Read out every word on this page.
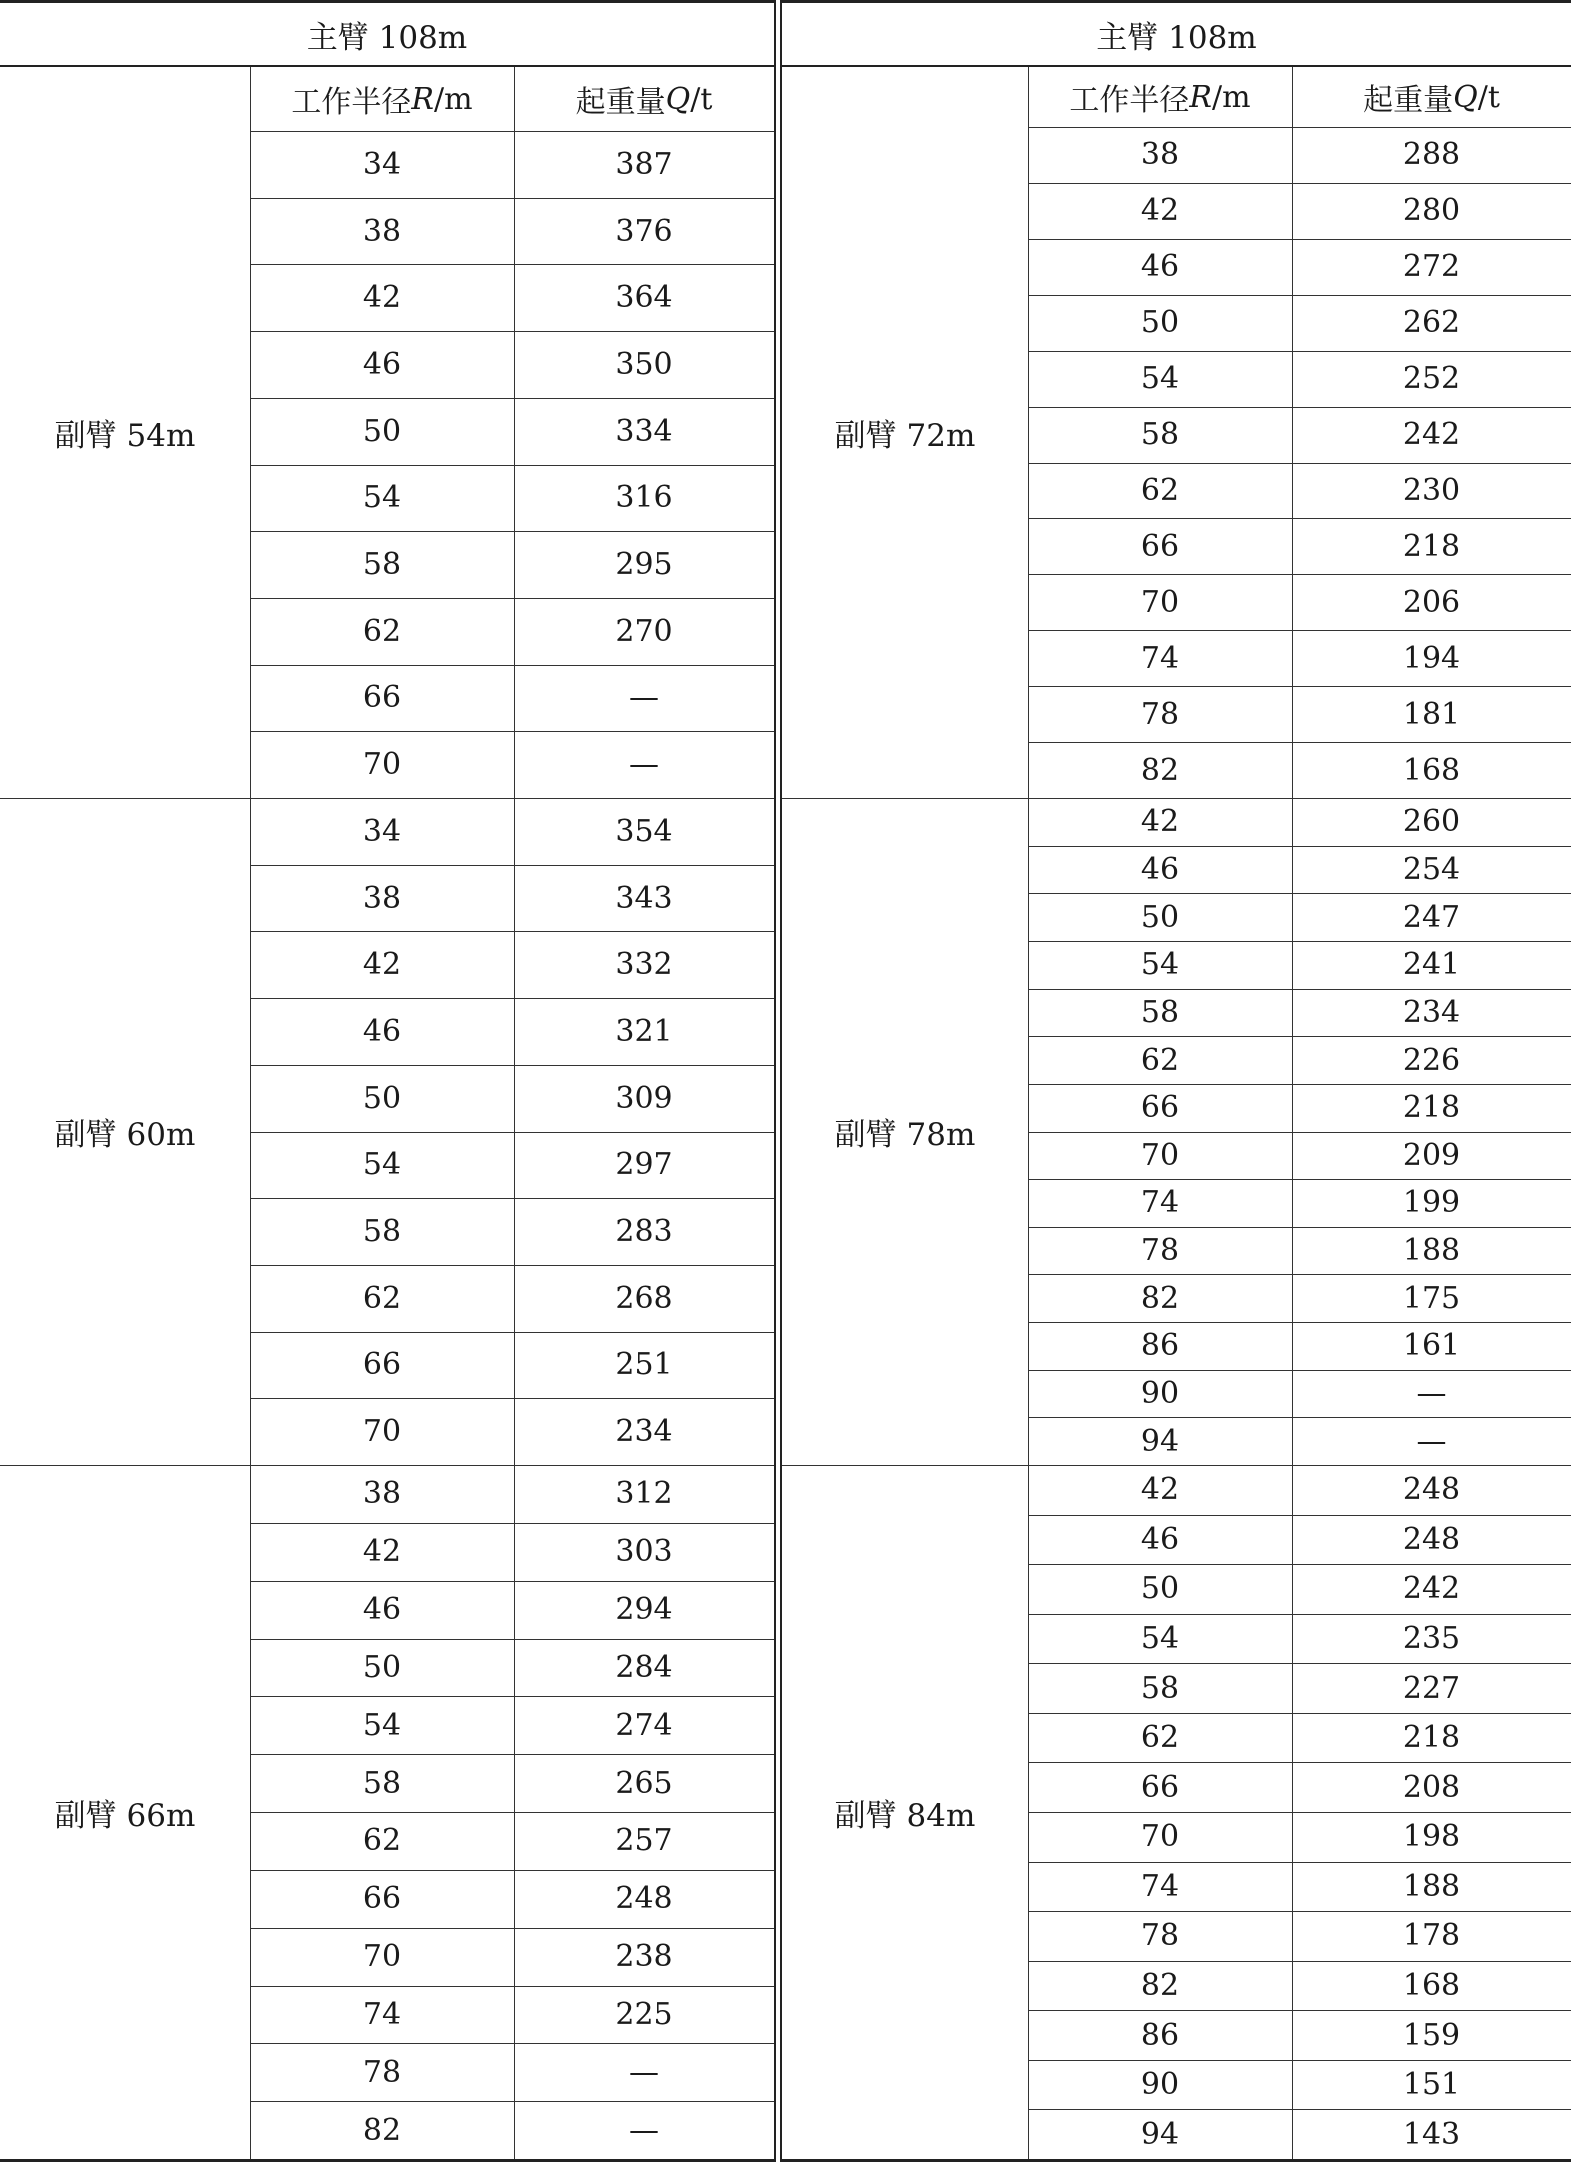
主臂 108m
工作半径 R /m	起重量 Q /t
副臂 54m
34	387
38	376
42	364
46	350
50	334
54	316
58	295
62	270
66	—
70	—
副臂 60m
34	354
38	343
42	332
46	321
50	309
54	297
58	283
62	268
66	251
70	234
副臂 66m
38	312
42	303
46	294
50	284
54	274
58	265
62	257
66	248
70	238
74	225
78	—
82	—
主臂 108m
工作半径 R /m	起重量 Q /t
副臂 72m
38	288
42	280
46	272
50	262
54	252
58	242
62	230
66	218
70	206
74	194
78	181
82	168
副臂 78m
42	260
46	254
50	247
54	241
58	234
62	226
66	218
70	209
74	199
78	188
82	175
86	161
90	—
94	—
副臂 84m
42	248
46	248
50	242
54	235
58	227
62	218
66	208
70	198
74	188
78	178
82	168
86	159
90	151
94	143
